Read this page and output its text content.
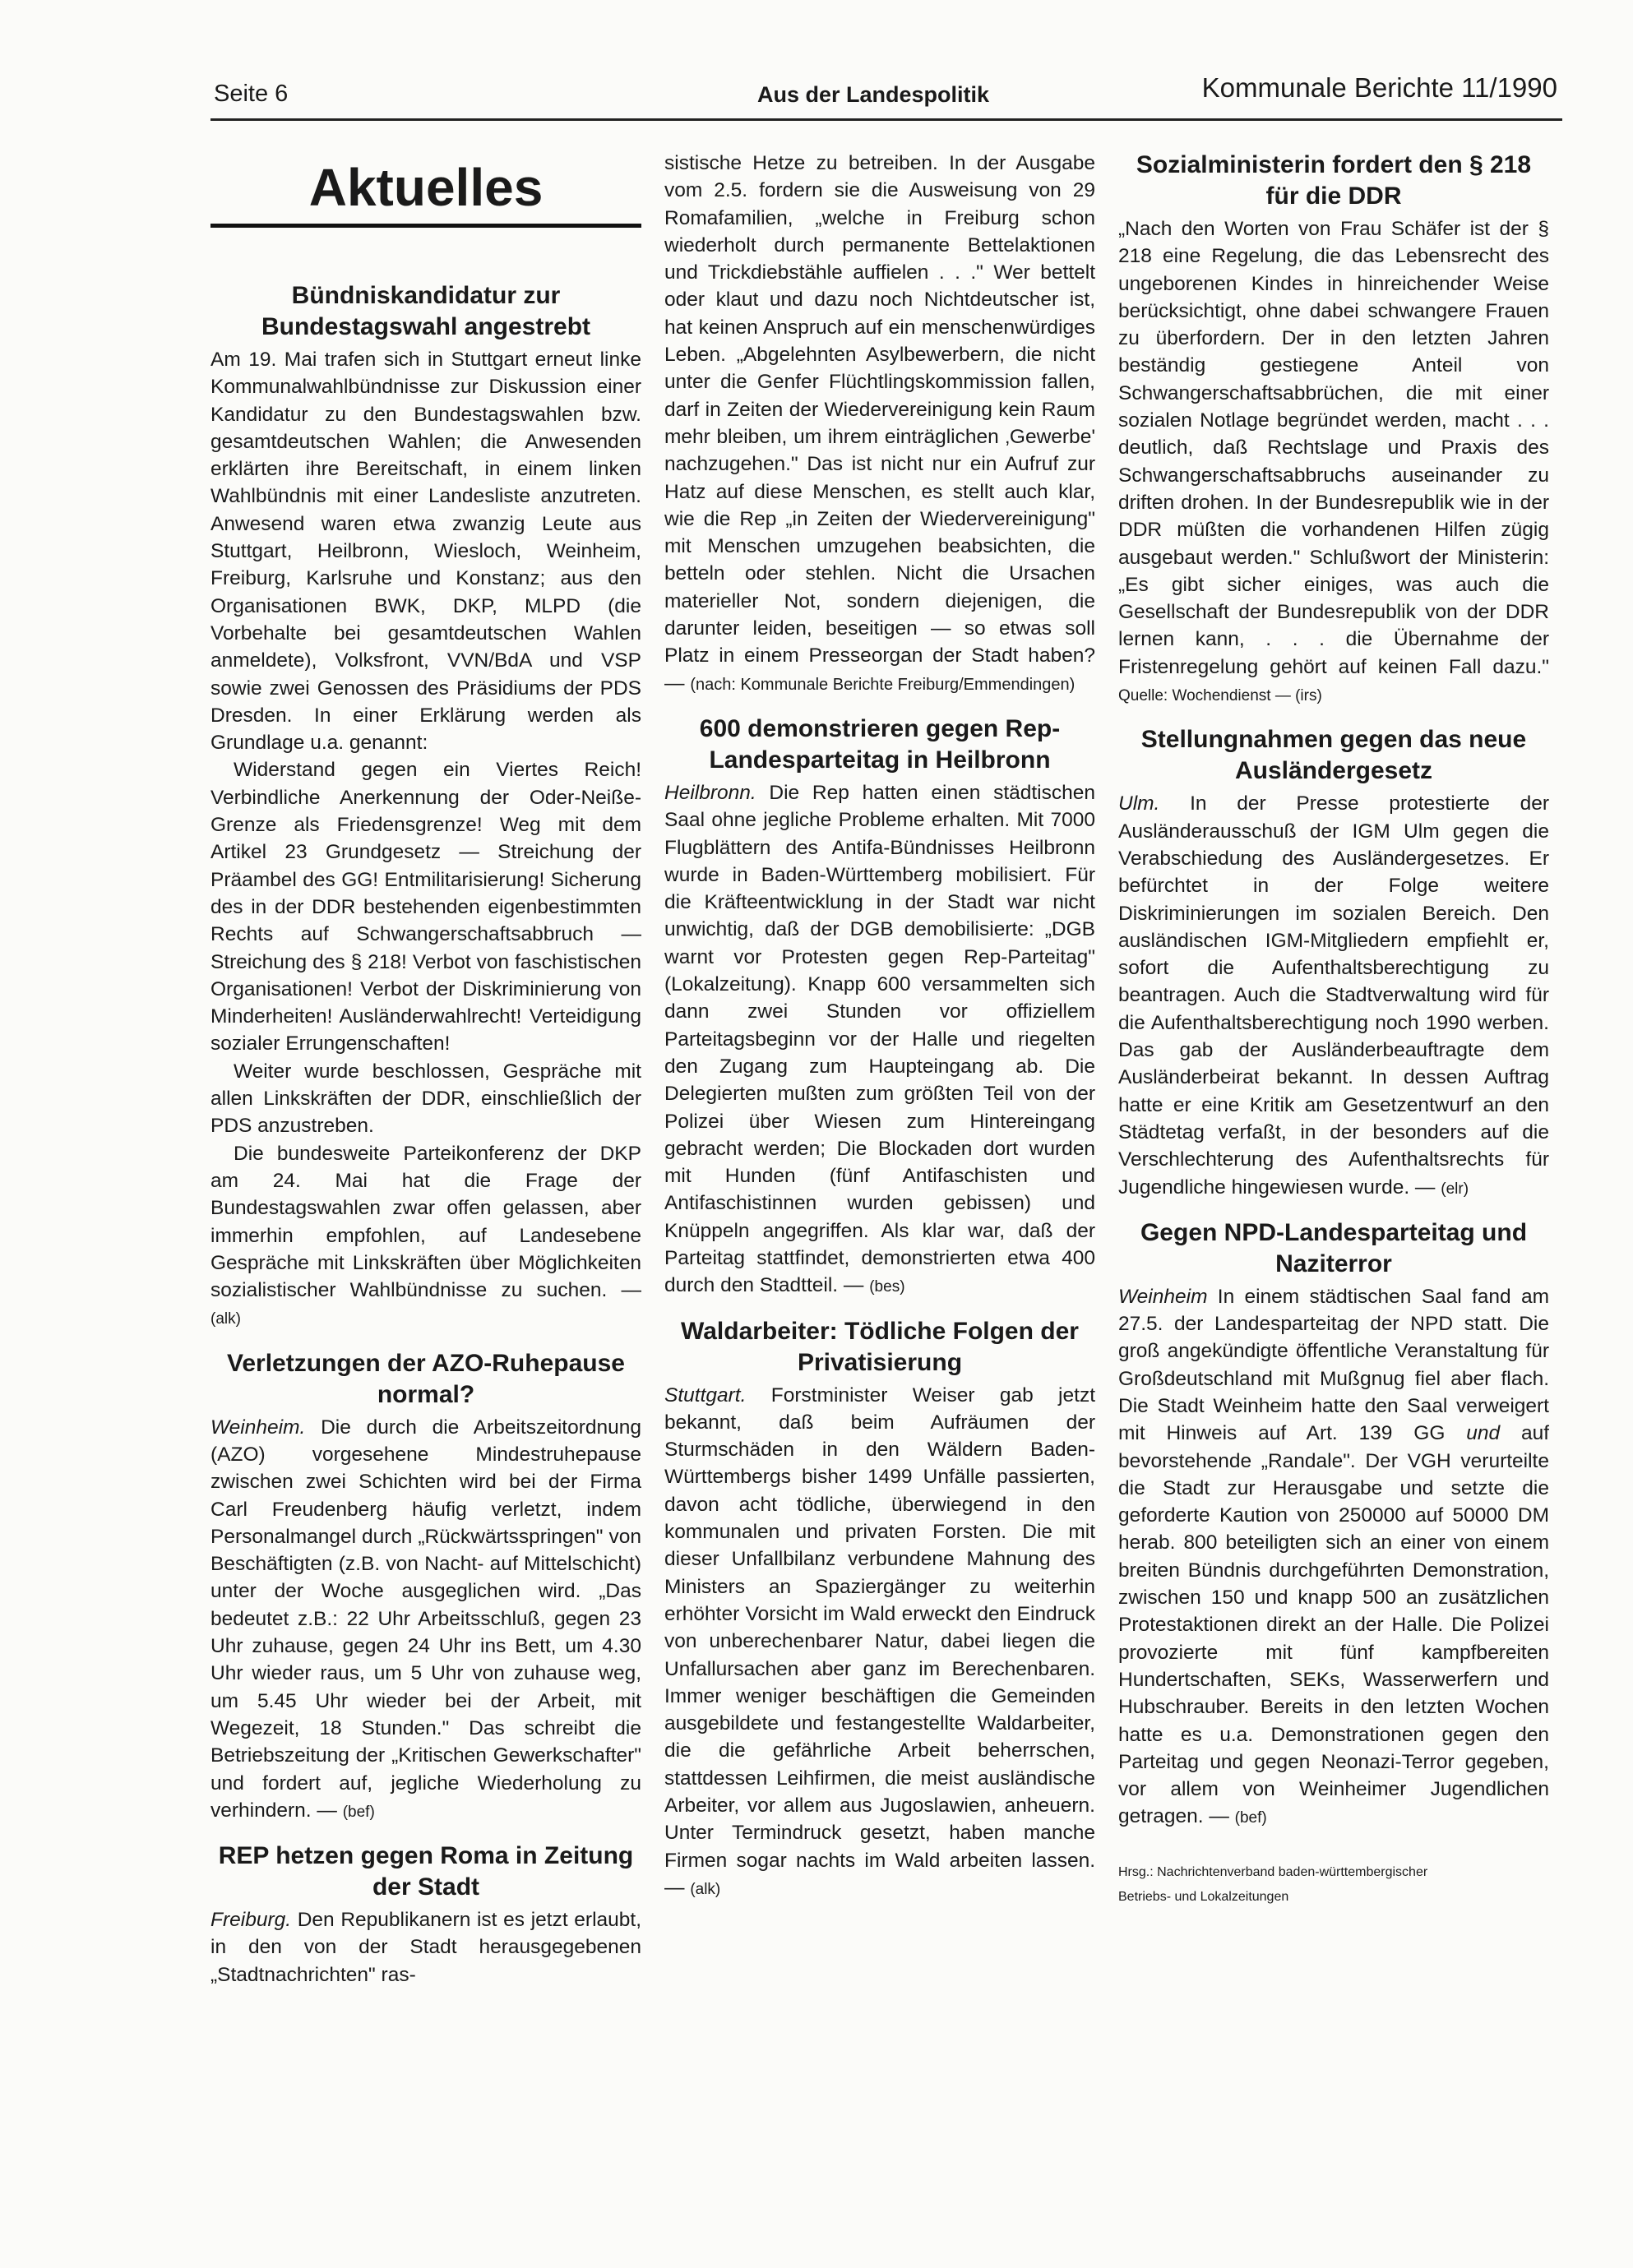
Seite 6	Aus der Landespolitik	Kommunale Berichte 11/1990
Aktuelles
Bündniskandidatur zur Bundestagswahl angestrebt

Am 19. Mai trafen sich in Stuttgart erneut linke Kommunalwahlbündnisse zur Diskussion einer Kandidatur zu den Bundestagswahlen bzw. gesamtdeutschen Wahlen; die Anwesenden erklärten ihre Bereitschaft, in einem linken Wahlbündnis mit einer Landesliste anzutreten. Anwesend waren etwa zwanzig Leute aus Stuttgart, Heilbronn, Wiesloch, Weinheim, Freiburg, Karlsruhe und Konstanz; aus den Organisationen BWK, DKP, MLPD (die Vorbehalte bei gesamtdeutschen Wahlen anmeldete), Volksfront, VVN/BdA und VSP sowie zwei Genossen des Präsidiums der PDS Dresden. In einer Erklärung werden als Grundlage u.a. genannt:

Widerstand gegen ein Viertes Reich! Verbindliche Anerkennung der Oder-Neiße-Grenze als Friedensgrenze! Weg mit dem Artikel 23 Grundgesetz — Streichung der Präambel des GG! Entmilitarisierung! Sicherung des in der DDR bestehenden eigenbestimmten Rechts auf Schwangerschaftsabbruch — Streichung des § 218! Verbot von faschistischen Organisationen! Verbot der Diskriminierung von Minderheiten! Ausländerwahlrecht! Verteidigung sozialer Errungenschaften!

Weiter wurde beschlossen, Gespräche mit allen Linkskräften der DDR, einschließlich der PDS anzustreben.

Die bundesweite Parteikonferenz der DKP am 24. Mai hat die Frage der Bundestagswahlen zwar offen gelassen, aber immerhin empfohlen, auf Landesebene Gespräche mit Linkskräften über Möglichkeiten sozialistischer Wahlbündnisse zu suchen. — (alk)

Verletzungen der AZO-Ruhepause normal?

Weinheim. Die durch die Arbeitszeitordnung (AZO) vorgesehene Mindestruhepause zwischen zwei Schichten wird bei der Firma Carl Freudenberg häufig verletzt, indem Personalmangel durch „Rückwärtsspringen" von Beschäftigten (z.B. von Nacht- auf Mittelschicht) unter der Woche ausgeglichen wird. „Das bedeutet z.B.: 22 Uhr Arbeitsschluß, gegen 23 Uhr zuhause, gegen 24 Uhr ins Bett, um 4.30 Uhr wieder raus, um 5 Uhr von zuhause weg, um 5.45 Uhr wieder bei der Arbeit, mit Wegezeit, 18 Stunden." Das schreibt die Betriebszeitung der „Kritischen Gewerkschafter" und fordert auf, jegliche Wiederholung zu verhindern. — (bef)

REP hetzen gegen Roma in Zeitung der Stadt

Freiburg. Den Republikanern ist es jetzt erlaubt, in den von der Stadt herausgegebenen „Stadtnachrichten" ras-

sistische Hetze zu betreiben. In der Ausgabe vom 2.5. fordern sie die Ausweisung von 29 Romafamilien, „welche in Freiburg schon wiederholt durch permanente Bettelaktionen und Trickdiebstähle auffielen . . ." Wer bettelt oder klaut und dazu noch Nichtdeutscher ist, hat keinen Anspruch auf ein menschenwürdiges Leben. „Abgelehnten Asylbewerbern, die nicht unter die Genfer Flüchtlingskommission fallen, darf in Zeiten der Wiedervereinigung kein Raum mehr bleiben, um ihrem einträglichen ‚Gewerbe' nachzugehen." Das ist nicht nur ein Aufruf zur Hatz auf diese Menschen, es stellt auch klar, wie die Rep „in Zeiten der Wiedervereinigung" mit Menschen umzugehen beabsichten, die betteln oder stehlen. Nicht die Ursachen materieller Not, sondern diejenigen, die darunter leiden, beseitigen — so etwas soll Platz in einem Presseorgan der Stadt haben? — (nach: Kommunale Berichte Freiburg/Emmendingen)

600 demonstrieren gegen Rep-Landesparteitag in Heilbronn

Heilbronn. Die Rep hatten einen städtischen Saal ohne jegliche Probleme erhalten. Mit 7000 Flugblättern des Antifa-Bündnisses Heilbronn wurde in Baden-Württemberg mobilisiert. Für die Kräfteentwicklung in der Stadt war nicht unwichtig, daß der DGB demobilisierte: „DGB warnt vor Protesten gegen Rep-Parteitag" (Lokalzeitung). Knapp 600 versammelten sich dann zwei Stunden vor offiziellem Parteitagsbeginn vor der Halle und riegelten den Zugang zum Haupteingang ab. Die Delegierten mußten zum größten Teil von der Polizei über Wiesen zum Hintereingang gebracht werden; Die Blockaden dort wurden mit Hunden (fünf Antifaschisten und Antifaschistinnen wurden gebissen) und Knüppeln angegriffen. Als klar war, daß der Parteitag stattfindet, demonstrierten etwa 400 durch den Stadtteil. — (bes)

Waldarbeiter: Tödliche Folgen der Privatisierung

Stuttgart. Forstminister Weiser gab jetzt bekannt, daß beim Aufräumen der Sturmschäden in den Wäldern Baden-Württembergs bisher 1499 Unfälle passierten, davon acht tödliche, überwiegend in den kommunalen und privaten Forsten. Die mit dieser Unfallbilanz verbundene Mahnung des Ministers an Spaziergänger zu weiterhin erhöhter Vorsicht im Wald erweckt den Eindruck von unberechenbarer Natur, dabei liegen die Unfallursachen aber ganz im Berechenbaren. Immer weniger beschäftigen die Gemeinden ausgebildete und festangestellte Waldarbeiter, die die gefährliche Arbeit beherrschen, stattdessen Leihfirmen, die meist ausländische Arbeiter, vor allem aus Jugoslawien, anheuern. Unter Termindruck gesetzt, haben manche Firmen sogar nachts im Wald arbeiten lassen. — (alk)

Sozialministerin fordert den § 218 für die DDR

„Nach den Worten von Frau Schäfer ist der § 218 eine Regelung, die das Lebensrecht des ungeborenen Kindes in hinreichender Weise berücksichtigt, ohne dabei schwangere Frauen zu überfordern. Der in den letzten Jahren beständig gestiegene Anteil von Schwangerschaftsabbrüchen, die mit einer sozialen Notlage begründet werden, macht . . . deutlich, daß Rechtslage und Praxis des Schwangerschaftsabbruchs auseinander zu driften drohen. In der Bundesrepublik wie in der DDR müßten die vorhandenen Hilfen zügig ausgebaut werden." Schlußwort der Ministerin: „Es gibt sicher einiges, was auch die Gesellschaft der Bundesrepublik von der DDR lernen kann, . . . die Übernahme der Fristenregelung gehört auf keinen Fall dazu." Quelle: Wochendienst — (irs)

Stellungnahmen gegen das neue Ausländergesetz

Ulm. In der Presse protestierte der Ausländerausschuß der IGM Ulm gegen die Verabschiedung des Ausländergesetzes. Er befürchtet in der Folge weitere Diskriminierungen im sozialen Bereich. Den ausländischen IGM-Mitgliedern empfiehlt er, sofort die Aufenthaltsberechtigung zu beantragen. Auch die Stadtverwaltung wird für die Aufenthaltsberechtigung noch 1990 werben. Das gab der Ausländerbeauftragte dem Ausländerbeirat bekannt. In dessen Auftrag hatte er eine Kritik am Gesetzentwurf an den Städtetag verfaßt, in der besonders auf die Verschlechterung des Aufenthaltsrechts für Jugendliche hingewiesen wurde. — (elr)

Gegen NPD-Landesparteitag und Naziterror

Weinheim In einem städtischen Saal fand am 27.5. der Landesparteitag der NPD statt. Die groß angekündigte öffentliche Veranstaltung für Großdeutschland mit Mußgnug fiel aber flach. Die Stadt Weinheim hatte den Saal verweigert mit Hinweis auf Art. 139 GG und auf bevorstehende „Randale". Der VGH verurteilte die Stadt zur Herausgabe und setzte die geforderte Kaution von 250000 auf 50000 DM herab. 800 beteiligten sich an einer von einem breiten Bündnis durchgeführten Demonstration, zwischen 150 und knapp 500 an zusätzlichen Protestaktionen direkt an der Halle. Die Polizei provozierte mit fünf kampfbereiten Hundertschaften, SEKs, Wasserwerfern und Hubschrauber. Bereits in den letzten Wochen hatte es u.a. Demonstrationen gegen den Parteitag und gegen Neonazi-Terror gegeben, vor allem von Weinheimer Jugendlichen getragen. — (bef)

Hrsg.: Nachrichtenverband baden-württembergischer
Betriebs- und Lokalzeitungen
